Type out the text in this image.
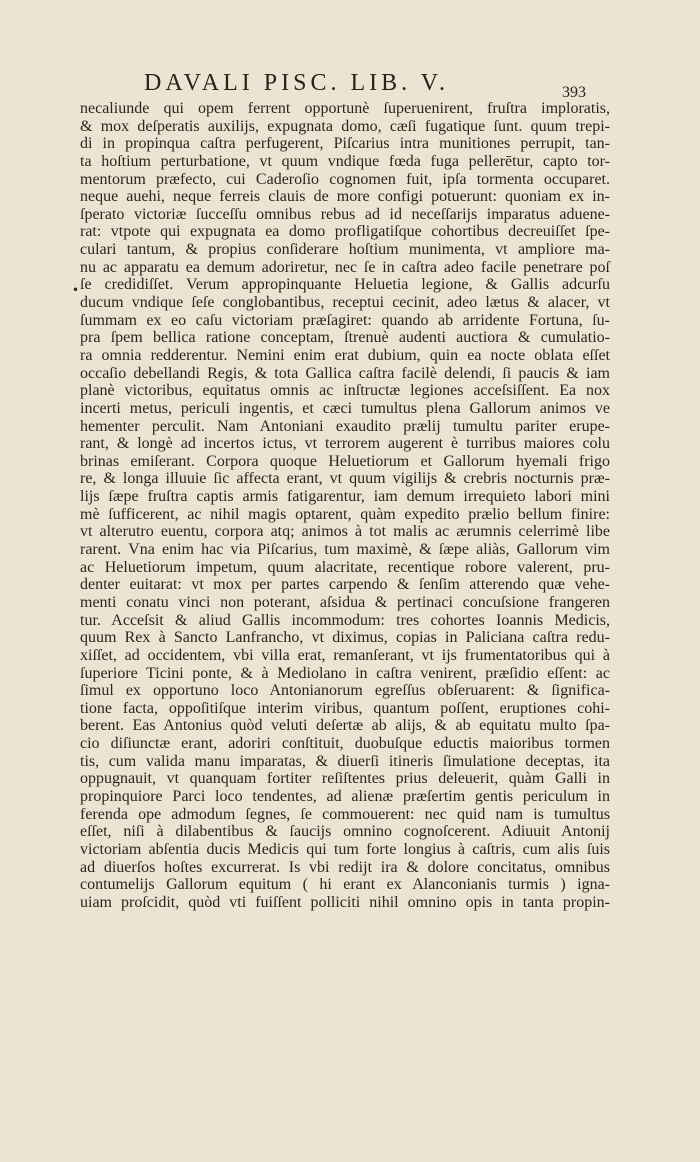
DAVALI PISC. LIB. V.	393
•
necaliunde qui opem ferrent opportunè ſuperuenirent, fruſtra imploratis,
& mox deſperatis auxilijs, expugnata domo, cæſi fugatique ſunt. quum trepi-
di in propinqua caſtra perfugerent, Piſcarius intra munitiones perrupit, tan-
ta hoſtium perturbatione, vt quum vndique fœda fuga pellerētur, capto tor-
mentorum præfecto, cui Caderoſio cognomen fuit, ipſa tormenta occuparet.
neque auehi, neque ferreis clauis de more configi potuerunt: quoniam ex in-
ſperato victoriæ ſucceſſu omnibus rebus ad id neceſſarijs imparatus aduene-
rat: vtpote qui expugnata ea domo profligatiſque cohortibus decreuiſſet ſpe-
culari tantum, & propius conſiderare hoſtium munimenta, vt ampliore ma-
nu ac apparatu ea demum adoriretur, nec ſe in caſtra adeo facile penetrare poſ
ſe credidiſſet. Verum appropinquante Heluetia legione, & Gallis adcurſu
ducum vndique ſeſe conglobantibus, receptui cecinit, adeo lætus & alacer, vt
ſummam ex eo caſu victoriam præſagiret: quando ab arridente Fortuna, ſu-
pra ſpem bellica ratione conceptam, ſtrenuè audenti auctiora & cumulatio-
ra omnia redderentur. Nemini enim erat dubium, quin ea nocte oblata eſſet
occaſio debellandi Regis, & tota Gallica caſtra facilè delendi, ſi paucis & iam
planè victoribus, equitatus omnis ac inſtructæ legiones acceſsiſſent. Ea nox
incerti metus, periculi ingentis, et cæci tumultus plena Gallorum animos ve
hementer perculit. Nam Antoniani exaudito prælij tumultu pariter erupe-
rant, & longè ad incertos ictus, vt terrorem augerent è turribus maiores colu
brinas emiſerant. Corpora quoque Heluetiorum et Gallorum hyemali frigo
re, & longa illuuie ſic affecta erant, vt quum vigilijs & crebris nocturnis præ-
lijs ſæpe fruſtra captis armis fatigarentur, iam demum irrequieto labori mini
mè ſufficerent, ac nihil magis optarent, quàm expedito prælio bellum finire:
vt alterutro euentu, corpora atq; animos à tot malis ac ærumnis celerrimè libe
rarent. Vna enim hac via Piſcarius, tum maximè, & ſæpe aliàs, Gallorum vim
ac Heluetiorum impetum, quum alacritate, recentique robore valerent, pru-
denter euitarat: vt mox per partes carpendo & ſenſim atterendo quæ vehe-
menti conatu vinci non poterant, aſsidua & pertinaci concuſsione frangeren
tur. Acceſsit & aliud Gallis incommodum: tres cohortes Ioannis Medicis,
quum Rex à Sancto Lanfrancho, vt diximus, copias in Paliciana caſtra redu-
xiſſet, ad occidentem, vbi villa erat, remanſerant, vt ijs frumentatoribus qui à
ſuperiore Ticini ponte, & à Mediolano in caſtra venirent, præſidio eſſent: ac
ſimul ex opportuno loco Antonianorum egreſſus obſeruarent: & ſignifica-
tione facta, oppoſitiſque interim viribus, quantum poſſent, eruptiones cohi-
berent. Eas Antonius quòd veluti deſertæ ab alijs, & ab equitatu multo ſpa-
cio diſiunctæ erant, adoriri conſtituit, duobuſque eductis maioribus tormen
tis, cum valida manu imparatas, & diuerſi itineris ſimulatione deceptas, ita
oppugnauit, vt quanquam fortiter reſiſtentes prius deleuerit, quàm Galli in
propinquiore Parci loco tendentes, ad alienæ præſertim gentis periculum in
ferenda ope admodum ſegnes, ſe commouerent: nec quid nam is tumultus
eſſet, niſi à dilabentibus & ſaucijs omnino cognoſcerent. Adiuuit Antonij
victoriam abſentia ducis Medicis qui tum forte longius à caſtris, cum alis ſuis
ad diuerſos hoſtes excurrerat. Is vbi redijt ira & dolore concitatus, omnibus
contumelijs Gallorum equitum ( hi erant ex Alanconianis turmis ) igna-
uiam proſcidit, quòd vti fuiſſent polliciti nihil omnino opis in tanta propin-
